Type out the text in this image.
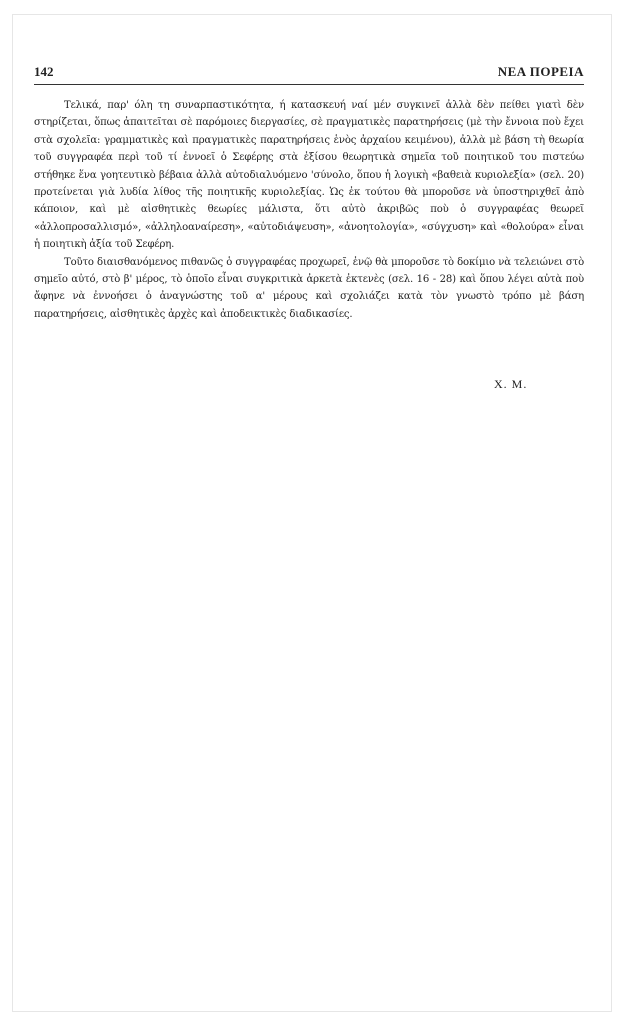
142	ΝΕΑ ΠΟΡΕΙΑ

Τελικά, παρ' όλη τη συναρπαστικότητα, ή κατασκευή ναί μέν συγκινεῖ ἀλλὰ δὲν πείθει γιατὶ δὲν στηρίζεται, ὅπως ἀπαιτεῖται σὲ παρόμοιες διεργασίες, σὲ πραγματικὲς παρατηρήσεις (μὲ τὴν ἔννοια ποὺ ἔχει στὰ σχολεῖα: γραμματικὲς καὶ πραγματικὲς παρατηρήσεις ἑνὸς ἀρχαίου κειμένου), ἀλλὰ μὲ βάση τὴ θεωρία τοῦ συγγραφέα περὶ τοῦ τί ἐννοεῖ ὁ Σεφέρης στὰ ἐξίσου θεωρητικὰ σημεῖα τοῦ ποιητικοῦ του πιστεύω στήθηκε ἕνα γοητευτικὸ βέβαια ἀλλὰ αὐτοδιαλυόμενο 'σύνολο, ὅπου ἡ λογικὴ «βαθειὰ κυριολεξία» (σελ. 20) προτείνεται γιὰ λυδία λίθος τῆς ποιητικῆς κυριολεξίας. Ὡς ἐκ τούτου θὰ μποροῦσε νὰ ὑποστηριχθεῖ ἀπὸ κάποιον, καὶ μὲ αἰσθητικὲς θεωρίες μάλιστα, ὅτι αὐτὸ ἀκριβῶς ποὺ ὁ συγγραφέας θεωρεῖ «ἀλλοπροσαλλισμό», «ἀλληλοαναίρεση», «αὐτοδιάψευση», «ἀνοητολογία», «σύγχυση» καὶ «θολούρα» εἶναι ἡ ποιητικὴ ἀξία τοῦ Σεφέρη.

Τοῦτο διαισθανόμενος πιθανῶς ὁ συγγραφέας προχωρεῖ, ἐνῷ θὰ μποροῦσε τὸ δοκίμιο νὰ τελειώνει στὸ σημεῖο αὐτό, στὸ β' μέρος, τὸ ὁποῖο εἶναι συγκριτικὰ ἀρκετὰ ἐκτενὲς (σελ. 16 - 28) καὶ ὅπου λέγει αὐτὰ ποὺ ἄφηνε νὰ ἐννοήσει ὁ ἀναγνώστης τοῦ α' μέρους καὶ σχολιάζει κατὰ τὸν γνωστὸ τρόπο μὲ βάση παρατηρήσεις, αἰσθητικὲς ἀρχὲς καὶ ἀποδεικτικὲς διαδικασίες.

Χ. Μ.
